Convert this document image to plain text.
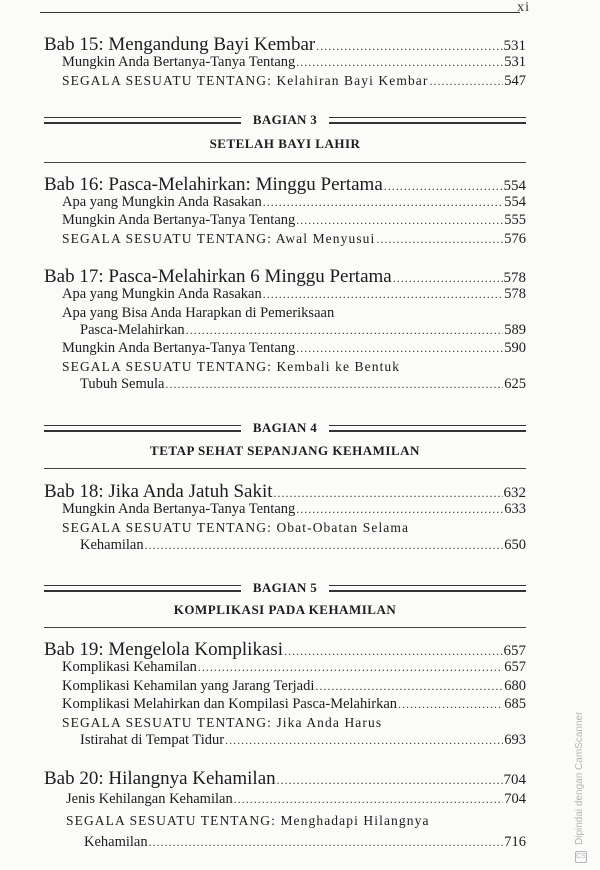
xi
Bab 15: Mengandung Bayi Kembar .....	531
Mungkin Anda Bertanya-Tanya Tentang .....	531
SEGALA SESUATU TENTANG: Kelahiran Bayi Kembar .....	547
BAGIAN 3
SETELAH BAYI LAHIR
Bab 16: Pasca-Melahirkan: Minggu Pertama .....	554
Apa yang Mungkin Anda Rasakan .....	554
Mungkin Anda Bertanya-Tanya Tentang .....	555
SEGALA SESUATU TENTANG: Awal Menyusui .....	576
Bab 17: Pasca-Melahirkan 6 Minggu Pertama .....	578
Apa yang Mungkin Anda Rasakan .....	578
Apa yang Bisa Anda Harapkan di Pemeriksaan
Pasca-Melahirkan .....	589
Mungkin Anda Bertanya-Tanya Tentang .....	590
SEGALA SESUATU TENTANG: Kembali ke Bentuk
Tubuh Semula .....	625
BAGIAN 4
TETAP SEHAT SEPANJANG KEHAMILAN
Bab 18: Jika Anda Jatuh Sakit .....	632
Mungkin Anda Bertanya-Tanya Tentang .....	633
SEGALA SESUATU TENTANG: Obat-Obatan Selama
Kehamilan .....	650
BAGIAN 5
KOMPLIKASI PADA KEHAMILAN
Bab 19: Mengelola Komplikasi .....	657
Komplikasi Kehamilan .....	657
Komplikasi Kehamilan yang Jarang Terjadi .....	680
Komplikasi Melahirkan dan Kompilasi Pasca-Melahirkan .....	685
SEGALA SESUATU TENTANG: Jika Anda Harus
Istirahat di Tempat Tidur .....	693
Bab 20: Hilangnya Kehamilan .....	704
Jenis Kehilangan Kehamilan .....	704
SEGALA SESUATU TENTANG: Menghadapi Hilangnya
Kehamilan .....	716
CS
Dipindai dengan CamScanner
